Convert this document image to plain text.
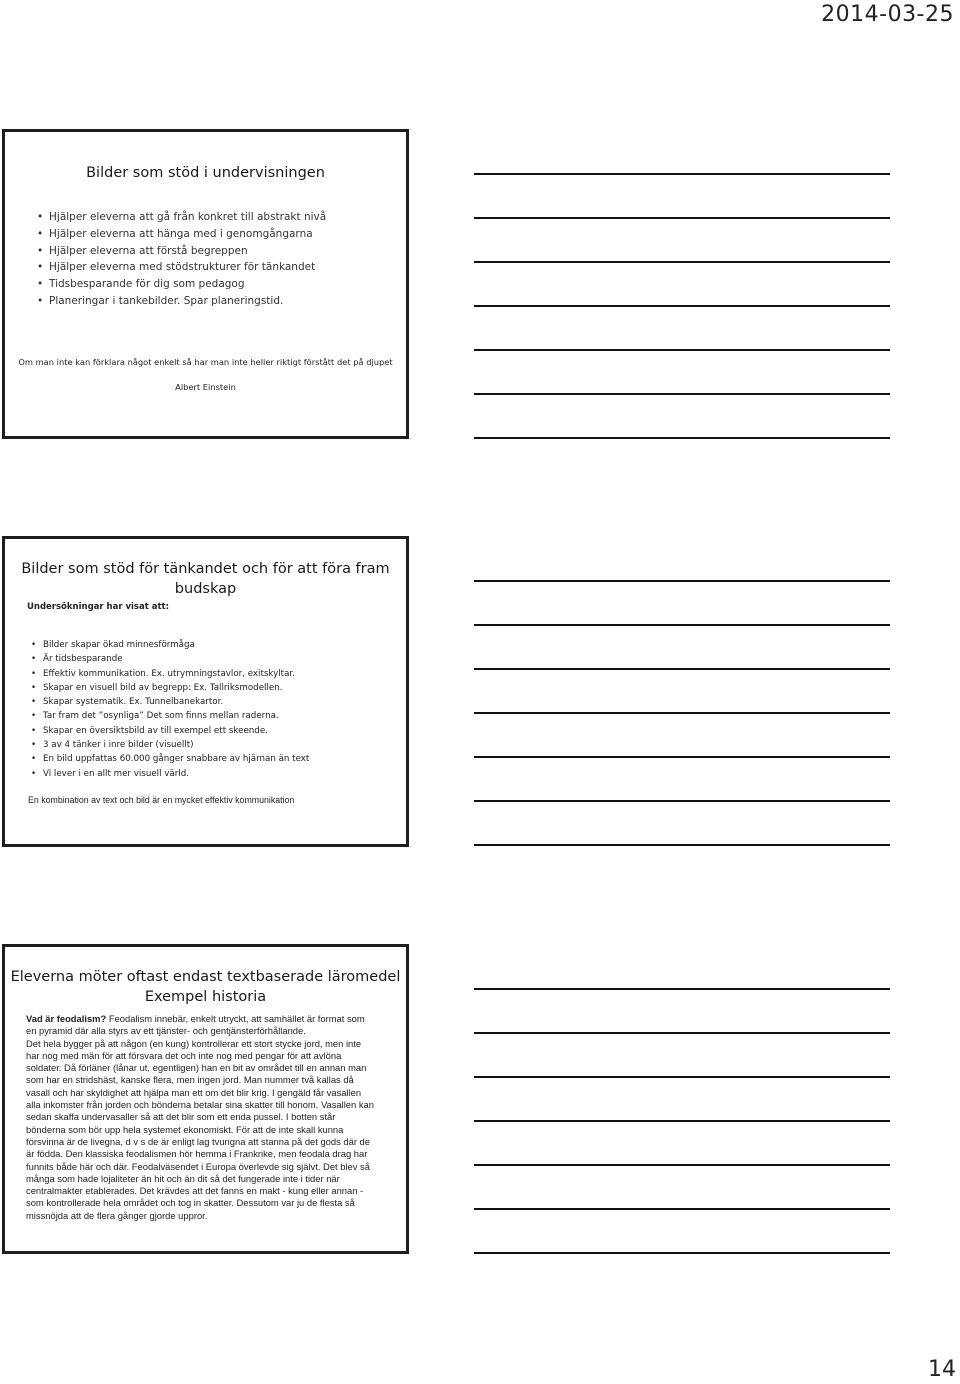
2014-03-25
Bilder som stöd i undervisningen
• Hjälper eleverna att gå från konkret till abstrakt nivå
• Hjälper eleverna att hänga med i genomgångarna
• Hjälper eleverna att förstå begreppen
• Hjälper eleverna med stödstrukturer för tänkandet
• Tidsbesparande för dig som pedagog
• Planeringar i tankebilder. Spar planeringstid.
Om man inte kan förklara något enkelt så har man inte heller riktigt förstått det på djupet
Albert Einstein
Bilder som stöd för tänkandet och för att föra fram
budskap
Undersökningar har visat att:
• Bilder skapar ökad minnesförmåga
• Är tidsbesparande
• Effektiv kommunikation. Ex. utrymningstavlor, exitskyltar.
• Skapar en visuell bild av begrepp: Ex. Tallriksmodellen.
• Skapar systematik. Ex. Tunnelbanekartor.
• Tar fram det ”osynliga” Det som finns mellan raderna.
• Skapar en översiktsbild av till exempel ett skeende.
• 3 av 4 tänker i inre bilder (visuellt)
• En bild uppfattas 60.000 gånger snabbare av hjärnan än text
• Vi lever i en allt mer visuell värld.
En kombination av text och bild är en mycket effektiv kommunikation
Eleverna möter oftast endast textbaserade läromedel
Exempel historia
Vad är feodalism? Feodalism innebär, enkelt utryckt, att samhället är format som
en pyramid där alla styrs av ett tjänster- och gentjänsterförhållande.
Det hela bygger på att någon (en kung) kontrollerar ett stort stycke jord, men inte
har nog med män för att försvara det och inte nog med pengar för att avlöna
soldater. Då förläner (lånar ut, egentligen) han en bit av området till en annan man
som har en stridshäst, kanske flera, men ingen jord. Man nummer två kallas då
vasall och har skyldighet att hjälpa man ett om det blir krig. I gengäld får vasallen
alla inkomster från jorden och bönderna betalar sina skatter till honom. Vasallen kan
sedan skaffa undervasaller så att det blir som ett enda pussel. I botten står
bönderna som bör upp hela systemet ekonomiskt. För att de inte skall kunna
försvinna är de livegna, d v s de är enligt lag tvungna att stanna på det gods där de
är födda. Den klassiska feodalismen hör hemma i Frankrike, men feodala drag har
funnits både här och där. Feodalväsendet i Europa överlevde sig självt. Det blev så
många som hade lojaliteter än hit och än dit så det fungerade inte i tider när
centralmakter etablerades. Det krävdes att det fanns en makt - kung eller annan -
som kontrollerade hela området och tog in skatter. Dessutom var ju de flesta så
missnöjda att de flera gånger gjorde uppror.
14
